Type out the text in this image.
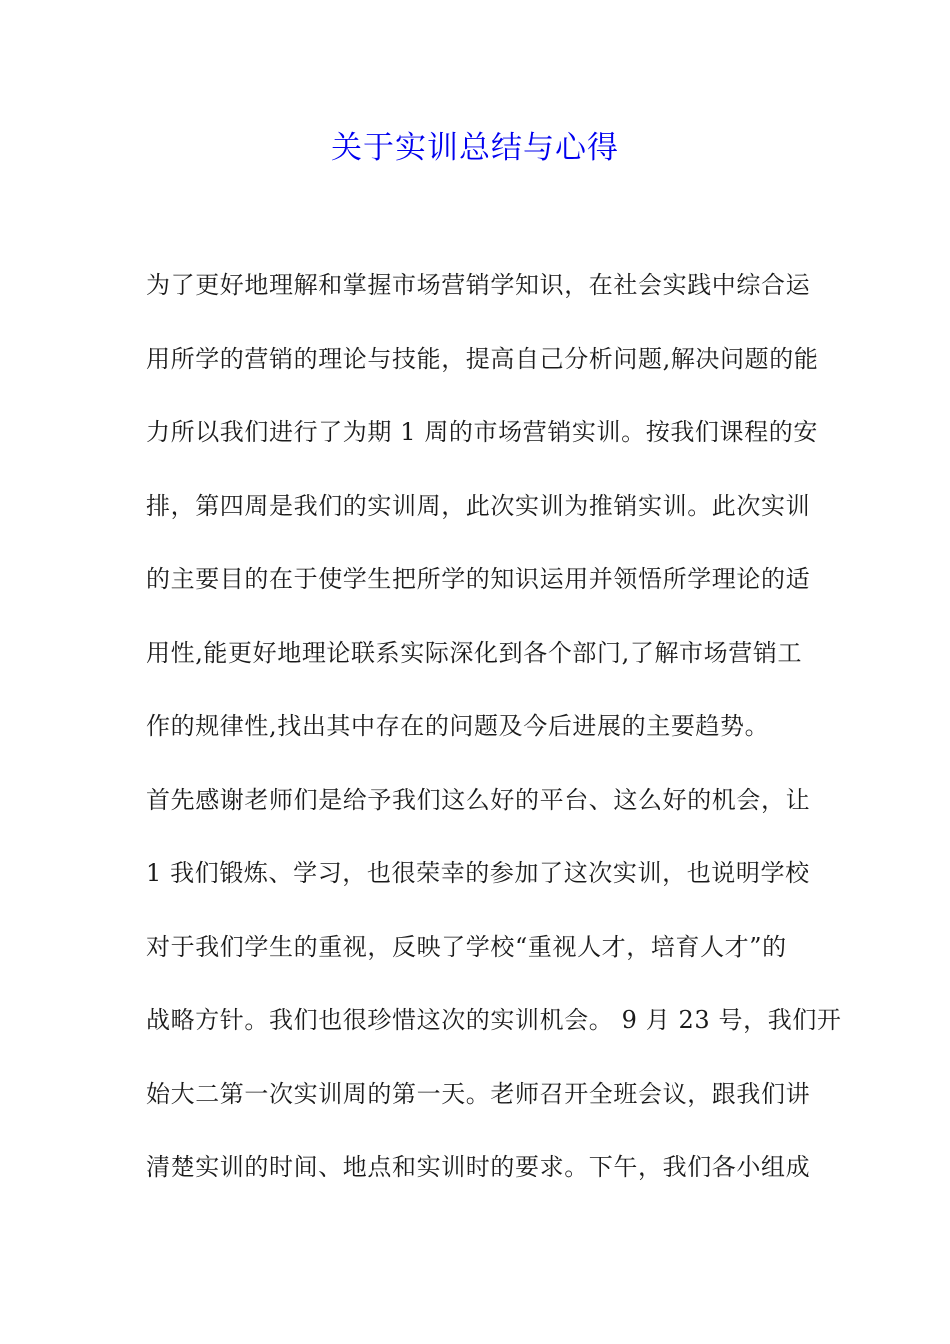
关于实训总结与心得
为了更好地理解和掌握市场营销学知识，在社会实践中综合运
用所学的营销的理论与技能，提高自己分析问题,解决问题的能
力所以我们进行了为期 1 周的市场营销实训。按我们课程的安
排，第四周是我们的实训周，此次实训为推销实训。此次实训
的主要目的在于使学生把所学的知识运用并领悟所学理论的适
用性,能更好地理论联系实际深化到各个部门,了解市场营销工
作的规律性,找出其中存在的问题及今后进展的主要趋势。
首先感谢老师们是给予我们这么好的平台、这么好的机会，让
1 我们锻炼、学习，也很荣幸的参加了这次实训，也说明学校
对于我们学生的重视，反映了学校“重视人才，培育人才”的
战略方针。我们也很珍惜这次的实训机会。 9 月 23 号，我们开
始大二第一次实训周的第一天。老师召开全班会议，跟我们讲
清楚实训的时间、地点和实训时的要求。下午，我们各小组成
